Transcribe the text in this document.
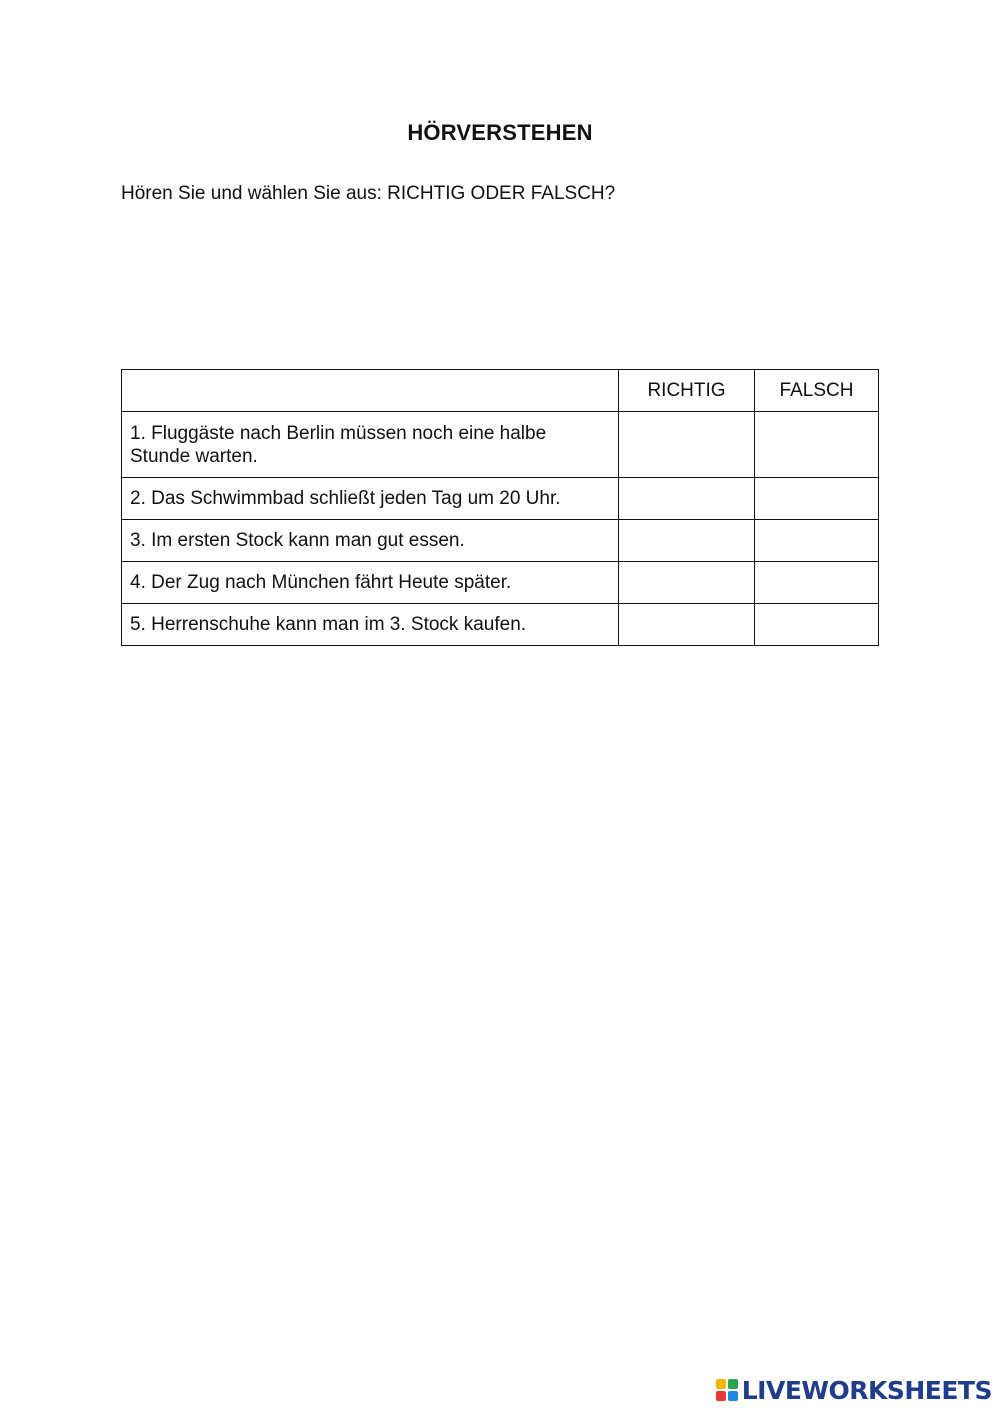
HÖRVERSTEHEN
Hören Sie und wählen Sie aus: RICHTIG ODER FALSCH?
	RICHTIG	FALSCH
1. Fluggäste nach Berlin müssen noch eine halbe Stunde warten.		
2. Das Schwimmbad schließt jeden Tag um 20 Uhr.		
3. Im ersten Stock kann man gut essen.		
4. Der Zug nach München fährt Heute später.		
5. Herrenschuhe kann man im 3. Stock kaufen.		
LIVEWORKSHEETS
